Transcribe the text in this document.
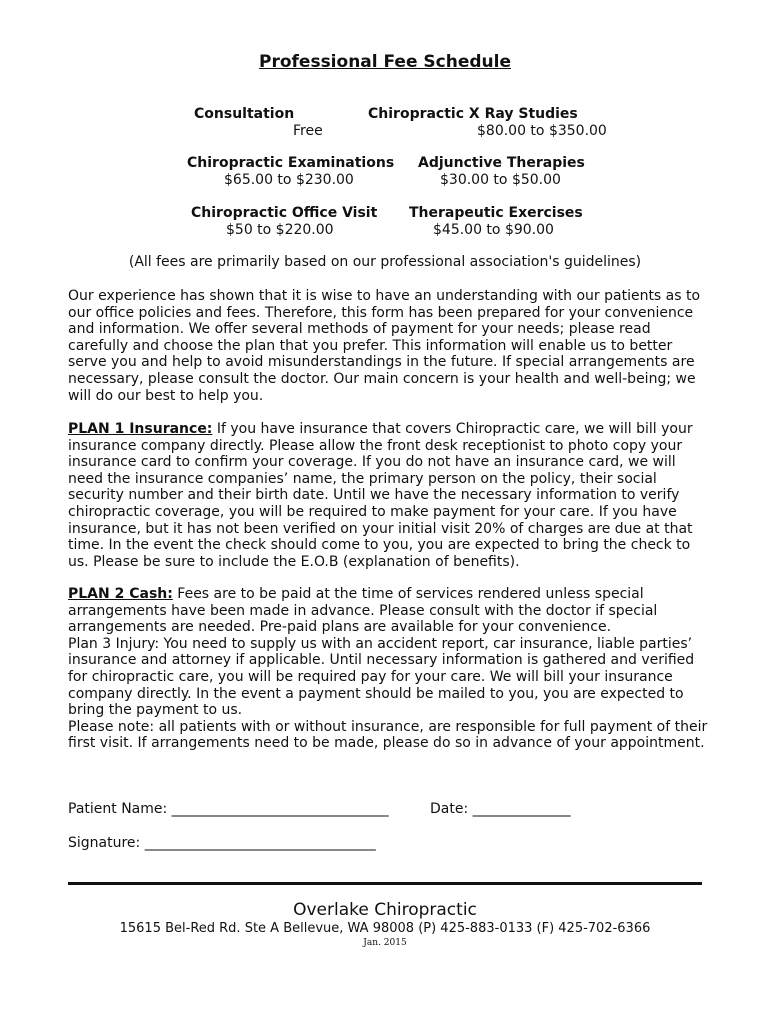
Professional Fee Schedule
Consultation
Free
Chiropractic X Ray Studies
$80.00 to $350.00
Chiropractic Examinations
$65.00 to $230.00
Adjunctive Therapies
$30.00 to $50.00
Chiropractic Office Visit
$50 to $220.00
Therapeutic Exercises
$45.00 to $90.00
(All fees are primarily based on our professional association's guidelines)
Our experience has shown that it is wise to have an understanding with our patients as to our office policies and fees. Therefore, this form has been prepared for your convenience and information. We offer several methods of payment for your needs; please read carefully and choose the plan that you prefer. This information will enable us to better serve you and help to avoid misunderstandings in the future. If special arrangements are necessary, please consult the doctor. Our main concern is your health and well-being; we will do our best to help you.
PLAN 1 Insurance: If you have insurance that covers Chiropractic care, we will bill your insurance company directly. Please allow the front desk receptionist to photo copy your insurance card to confirm your coverage. If you do not have an insurance card, we will need the insurance companies’ name, the primary person on the policy, their social security number and their birth date. Until we have the necessary information to verify chiropractic coverage, you will be required to make payment for your care. If you have insurance, but it has not been verified on your initial visit 20% of charges are due at that time. In the event the check should come to you, you are expected to bring the check to us. Please be sure to include the E.O.B (explanation of benefits).
PLAN 2 Cash: Fees are to be paid at the time of services rendered unless special arrangements have been made in advance. Please consult with the doctor if special arrangements are needed. Pre-paid plans are available for your convenience.
Plan 3 Injury: You need to supply us with an accident report, car insurance, liable parties’ insurance and attorney if applicable. Until necessary information is gathered and verified for chiropractic care, you will be required pay for your care. We will bill your insurance company directly. In the event a payment should be mailed to you, you are expected to bring the payment to us.
Please note: all patients with or without insurance, are responsible for full payment of their first visit. If arrangements need to be made, please do so in advance of your appointment.
Patient Name: _______________________________	Date: ______________
Signature: _________________________________
Overlake Chiropractic
15615 Bel-Red Rd. Ste A Bellevue, WA 98008 (P) 425-883-0133 (F) 425-702-6366
Jan. 2015
